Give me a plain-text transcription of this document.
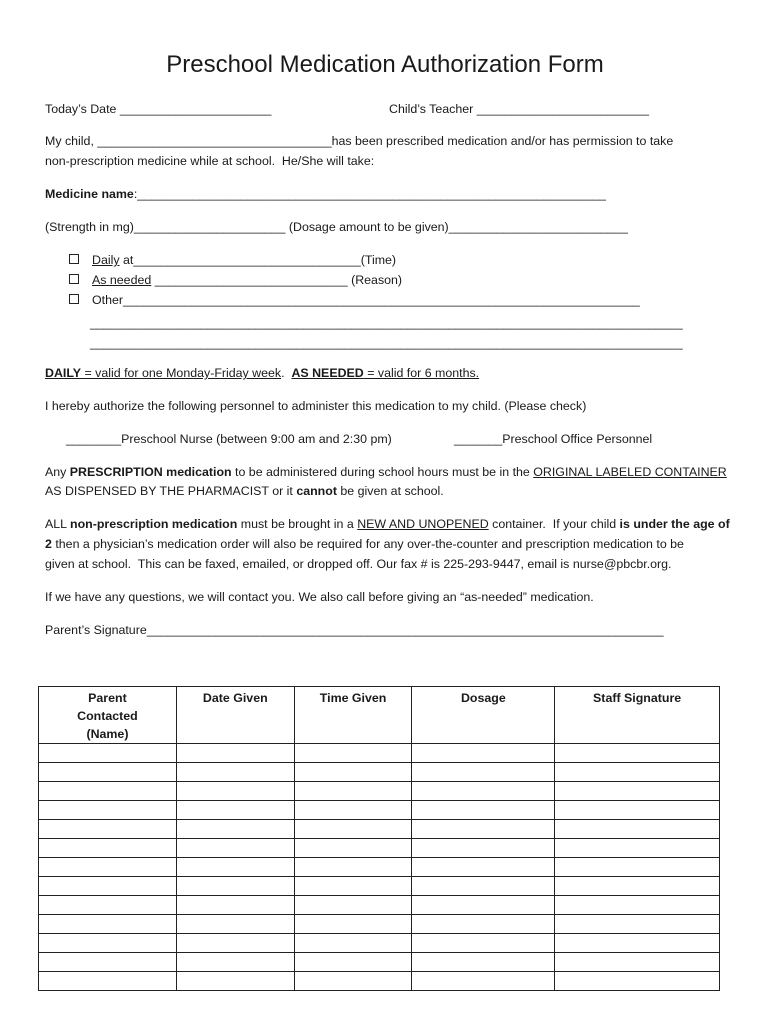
Preschool Medication Authorization Form
Today’s Date ______________________	Child’s Teacher _________________________
My child, __________________________________has been prescribed medication and/or has permission to take
non-prescription medicine while at school.  He/She will take:
Medicine name:____________________________________________________________________
(Strength in mg)______________________ (Dosage amount to be given)__________________________
Daily at_________________________________(Time)
As needed ____________________________ (Reason)
Other___________________________________________________________________________
______________________________________________________________________________________
______________________________________________________________________________________
DAILY = valid for one Monday-Friday week.  AS NEEDED = valid for 6 months.
I hereby authorize the following personnel to administer this medication to my child. (Please check)
________Preschool Nurse (between 9:00 am and 2:30 pm)	_______Preschool Office Personnel
Any PRESCRIPTION medication to be administered during school hours must be in the ORIGINAL LABELED CONTAINER
AS DISPENSED BY THE PHARMACIST or it cannot be given at school.
ALL non-prescription medication must be brought in a NEW AND UNOPENED container.  If your child is under the age of
2 then a physician’s medication order will also be required for any over-the-counter and prescription medication to be
given at school.  This can be faxed, emailed, or dropped off. Our fax # is 225-293-9447, email is nurse@pbcbr.org.
If we have any questions, we will contact you. We also call before giving an “as-needed” medication.
Parent’s Signature___________________________________________________________________________
Parent Contacted (Name)	Date Given	Time Given	Dosage	Staff Signature
